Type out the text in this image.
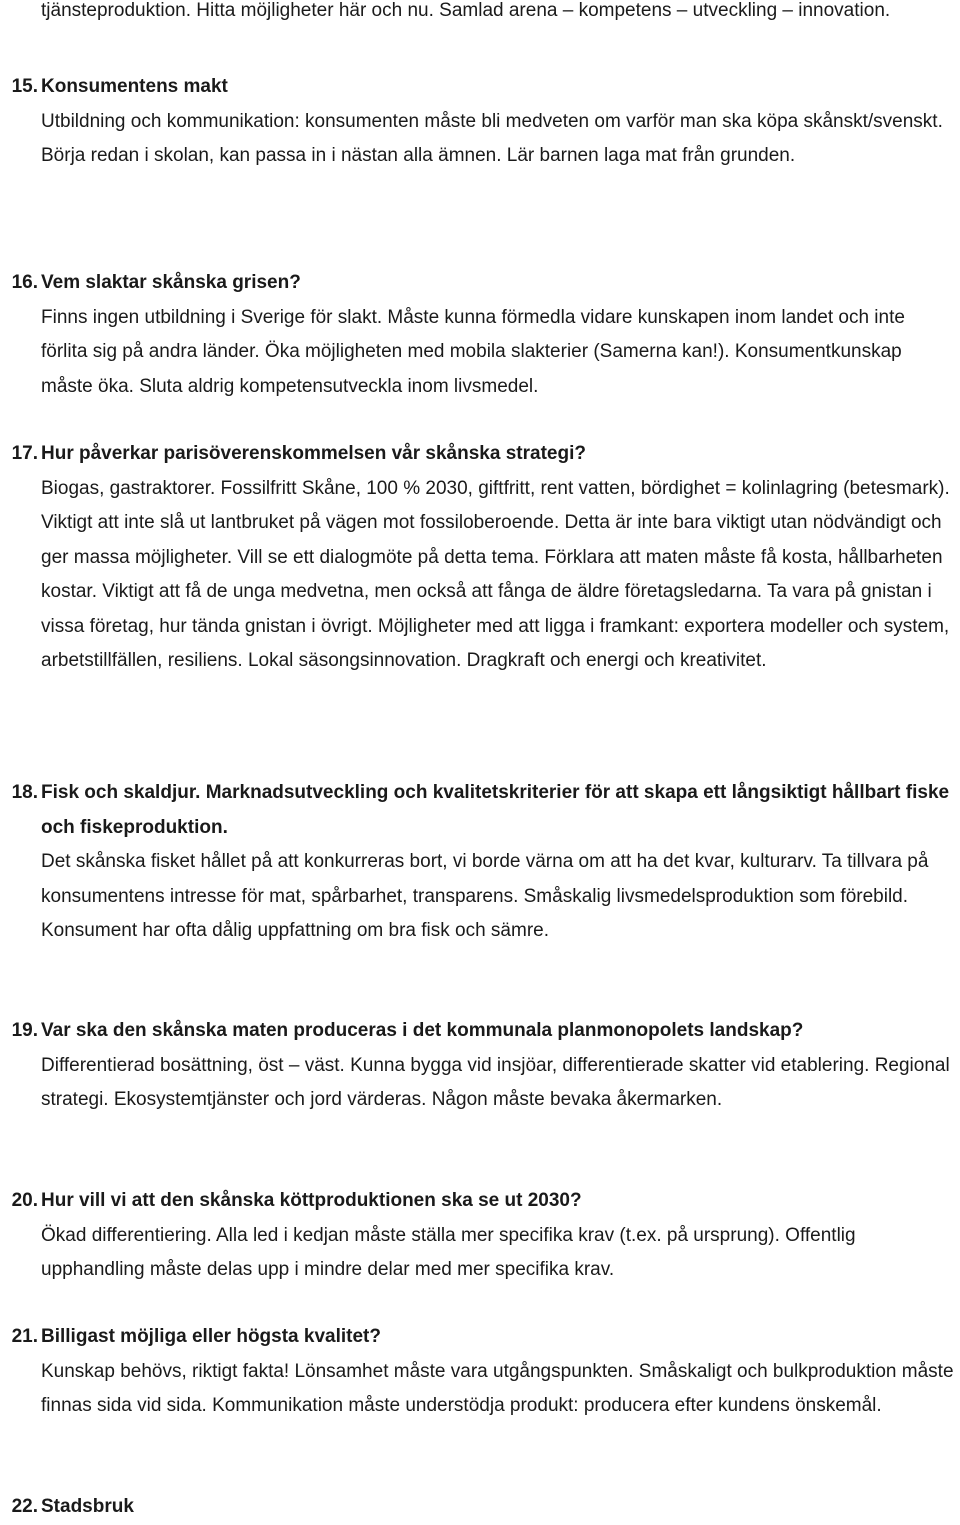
tjänsteproduktion. Hitta möjligheter här och nu. Samlad arena – kompetens – utveckling – innovation.

15. Konsumentens makt
Utbildning och kommunikation: konsumenten måste bli medveten om varför man ska köpa skånskt/svenskt. Börja redan i skolan, kan passa in i nästan alla ämnen. Lär barnen laga mat från grunden.
16. Vem slaktar skånska grisen?
Finns ingen utbildning i Sverige för slakt. Måste kunna förmedla vidare kunskapen inom landet och inte förlita sig på andra länder. Öka möjligheten med mobila slakterier (Samerna kan!). Konsumentkunskap måste öka. Sluta aldrig kompetensutveckla inom livsmedel.
17. Hur påverkar parisöverenskommelsen vår skånska strategi?
Biogas, gastraktorer. Fossilfritt Skåne, 100 % 2030, giftfritt, rent vatten, bördighet = kolinlagring (betesmark). Viktigt att inte slå ut lantbruket på vägen mot fossiloberoende. Detta är inte bara viktigt utan nödvändigt och ger massa möjligheter. Vill se ett dialogmöte på detta tema. Förklara att maten måste få kosta, hållbarheten kostar. Viktigt att få de unga medvetna, men också att fånga de äldre företagsledarna. Ta vara på gnistan i vissa företag, hur tända gnistan i övrigt. Möjligheter med att ligga i framkant: exportera modeller och system, arbetstillfällen, resiliens. Lokal säsongsinnovation. Dragkraft och energi och kreativitet.
18. Fisk och skaldjur. Marknadsutveckling och kvalitetskriterier för att skapa ett långsiktigt hållbart fiske och fiskeproduktion.
Det skånska fisket hållet på att konkurreras bort, vi borde värna om att ha det kvar, kulturarv. Ta tillvara på konsumentens intresse för mat, spårbarhet, transparens. Småskalig livsmedelsproduktion som förebild. Konsument har ofta dålig uppfattning om bra fisk och sämre.
19. Var ska den skånska maten produceras i det kommunala planmonopolets landskap?
Differentierad bosättning, öst – väst. Kunna bygga vid insjöar, differentierade skatter vid etablering. Regional strategi. Ekosystemtjänster och jord värderas. Någon måste bevaka åkermarken.
20. Hur vill vi att den skånska köttproduktionen ska se ut 2030?
Ökad differentiering. Alla led i kedjan måste ställa mer specifika krav (t.ex. på ursprung). Offentlig upphandling måste delas upp i mindre delar med mer specifika krav.
21. Billigast möjliga eller högsta kvalitet?
Kunskap behövs, riktigt fakta! Lönsamhet måste vara utgångspunkten. Småskaligt och bulkproduktion måste finnas sida vid sida. Kommunikation måste understödja produkt: producera efter kundens önskemål.
22. Stadsbruk
